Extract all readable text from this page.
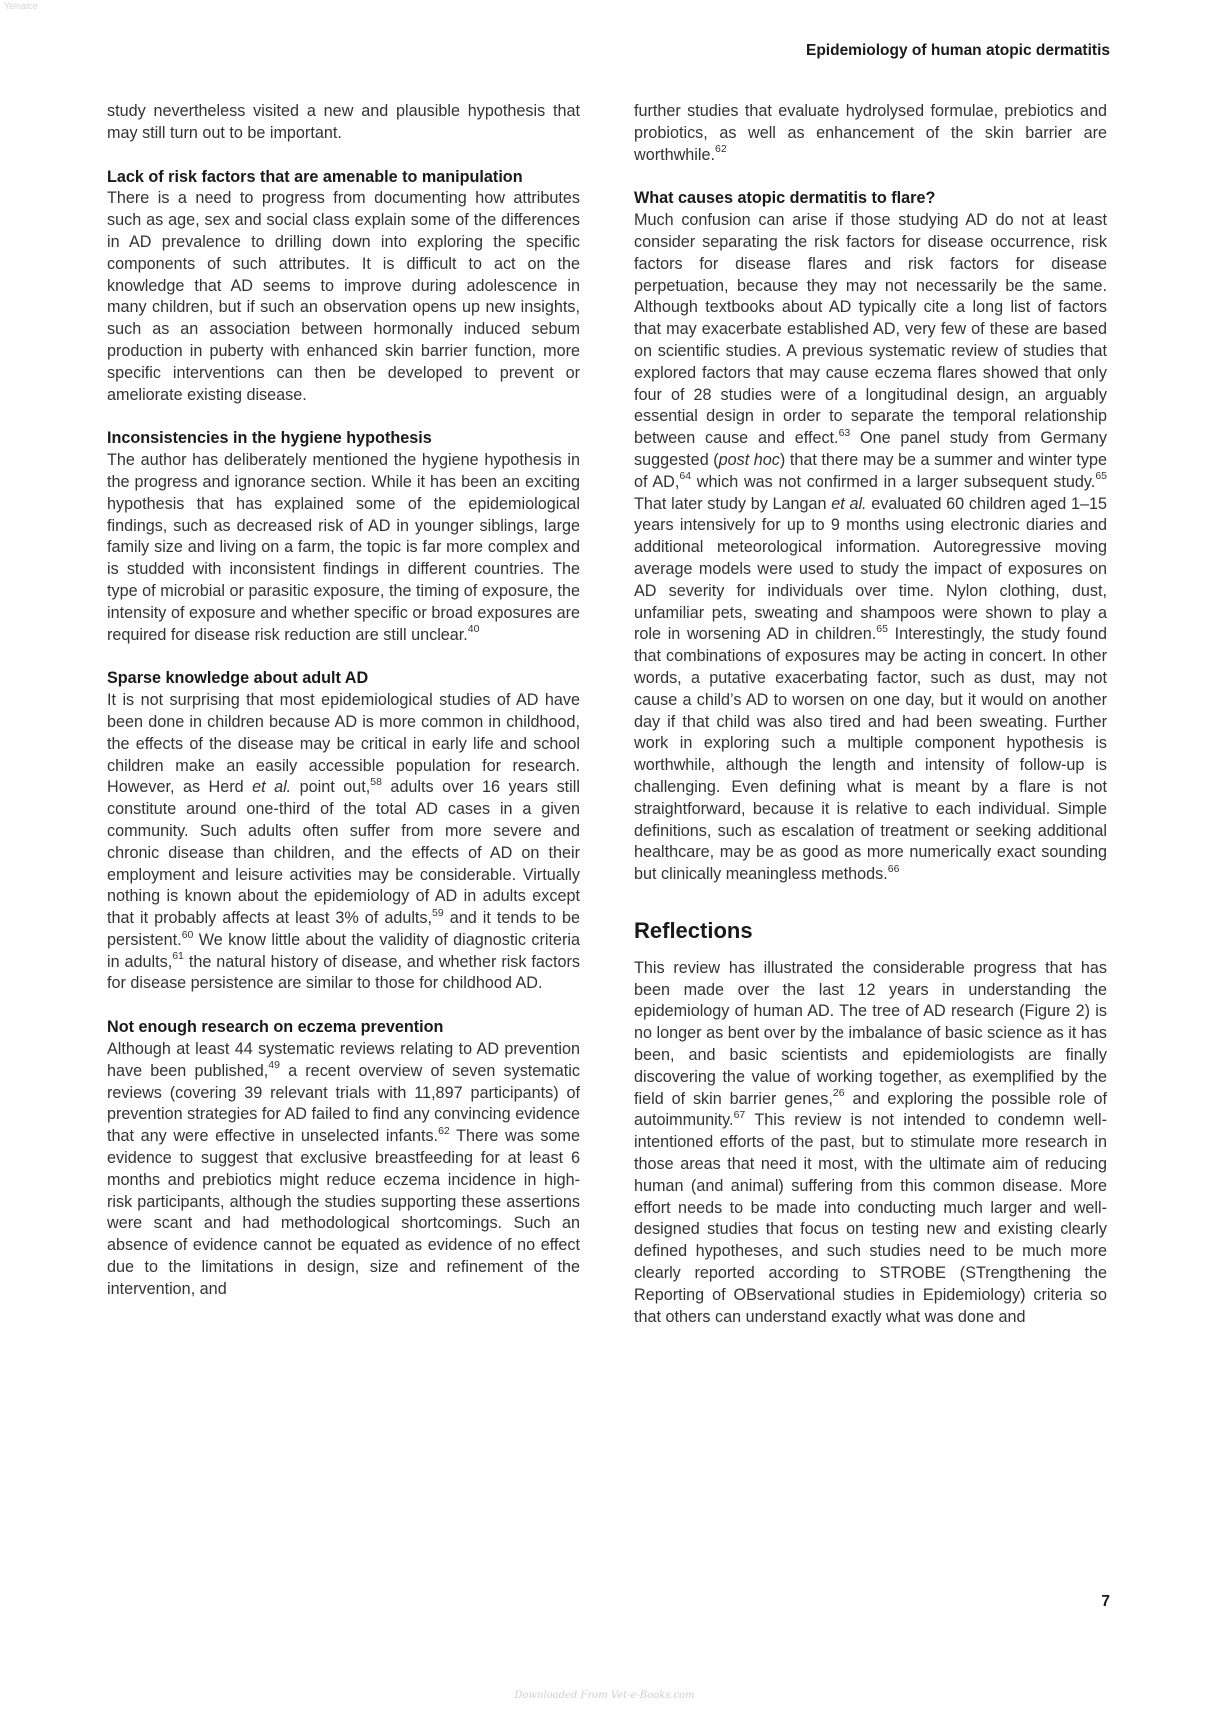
Yelnaice
Epidemiology of human atopic dermatitis

study nevertheless visited a new and plausible hypothesis that may still turn out to be important.

Lack of risk factors that are amenable to manipulation

There is a need to progress from documenting how attributes such as age, sex and social class explain some of the differences in AD prevalence to drilling down into exploring the specific components of such attributes. It is difficult to act on the knowledge that AD seems to improve during adolescence in many children, but if such an observation opens up new insights, such as an association between hormonally induced sebum production in puberty with enhanced skin barrier function, more specific interventions can then be developed to prevent or ameliorate existing disease.

Inconsistencies in the hygiene hypothesis

The author has deliberately mentioned the hygiene hypothesis in the progress and ignorance section. While it has been an exciting hypothesis that has explained some of the epidemiological findings, such as decreased risk of AD in younger siblings, large family size and living on a farm, the topic is far more complex and is studded with inconsistent findings in different countries. The type of microbial or parasitic exposure, the timing of exposure, the intensity of exposure and whether specific or broad exposures are required for disease risk reduction are still unclear.$^{40}$

Sparse knowledge about adult AD

It is not surprising that most epidemiological studies of AD have been done in children because AD is more common in childhood, the effects of the disease may be critical in early life and school children make an easily accessible population for research. However, as Herd et al. point out,$^{58}$ adults over 16 years still constitute around one-third of the total AD cases in a given community. Such adults often suffer from more severe and chronic disease than children, and the effects of AD on their employment and leisure activities may be considerable. Virtually nothing is known about the epidemiology of AD in adults except that it probably affects at least 3% of adults,$^{59}$ and it tends to be persistent.$^{60}$ We know little about the validity of diagnostic criteria in adults,$^{61}$ the natural history of disease, and whether risk factors for disease persistence are similar to those for childhood AD.

Not enough research on eczema prevention

Although at least 44 systematic reviews relating to AD prevention have been published,$^{49}$ a recent overview of seven systematic reviews (covering 39 relevant trials with 11,897 participants) of prevention strategies for AD failed to find any convincing evidence that any were effective in unselected infants.$^{62}$ There was some evidence to suggest that exclusive breastfeeding for at least 6 months and prebiotics might reduce eczema incidence in high-risk participants, although the studies supporting these assertions were scant and had methodological shortcomings. Such an absence of evidence cannot be equated as evidence of no effect due to the limitations in design, size and refinement of the intervention, and

further studies that evaluate hydrolysed formulae, prebiotics and probiotics, as well as enhancement of the skin barrier are worthwhile.$^{62}$

What causes atopic dermatitis to flare?

Much confusion can arise if those studying AD do not at least consider separating the risk factors for disease occurrence, risk factors for disease flares and risk factors for disease perpetuation, because they may not necessarily be the same. Although textbooks about AD typically cite a long list of factors that may exacerbate established AD, very few of these are based on scientific studies. A previous systematic review of studies that explored factors that may cause eczema flares showed that only four of 28 studies were of a longitudinal design, an arguably essential design in order to separate the temporal relationship between cause and effect.$^{63}$ One panel study from Germany suggested (post hoc) that there may be a summer and winter type of AD,$^{64}$ which was not confirmed in a larger subsequent study.$^{65}$ That later study by Langan et al. evaluated 60 children aged 1–15 years intensively for up to 9 months using electronic diaries and additional meteorological information. Autoregressive moving average models were used to study the impact of exposures on AD severity for individuals over time. Nylon clothing, dust, unfamiliar pets, sweating and shampoos were shown to play a role in worsening AD in children.$^{65}$ Interestingly, the study found that combinations of exposures may be acting in concert. In other words, a putative exacerbating factor, such as dust, may not cause a child’s AD to worsen on one day, but it would on another day if that child was also tired and had been sweating. Further work in exploring such a multiple component hypothesis is worthwhile, although the length and intensity of follow-up is challenging. Even defining what is meant by a flare is not straightforward, because it is relative to each individual. Simple definitions, such as escalation of treatment or seeking additional healthcare, may be as good as more numerically exact sounding but clinically meaningless methods.$^{66}$

Reflections

This review has illustrated the considerable progress that has been made over the last 12 years in understanding the epidemiology of human AD. The tree of AD research (Figure 2) is no longer as bent over by the imbalance of basic science as it has been, and basic scientists and epidemiologists are finally discovering the value of working together, as exemplified by the field of skin barrier genes,$^{26}$ and exploring the possible role of autoimmunity.$^{67}$ This review is not intended to condemn well-intentioned efforts of the past, but to stimulate more research in those areas that need it most, with the ultimate aim of reducing human (and animal) suffering from this common disease. More effort needs to be made into conducting much larger and well-designed studies that focus on testing new and existing clearly defined hypotheses, and such studies need to be much more clearly reported according to STROBE (STrengthening the Reporting of OBservational studies in Epidemiology) criteria so that others can understand exactly what was done and

7
Downloaded From Vet-e-Books.com
